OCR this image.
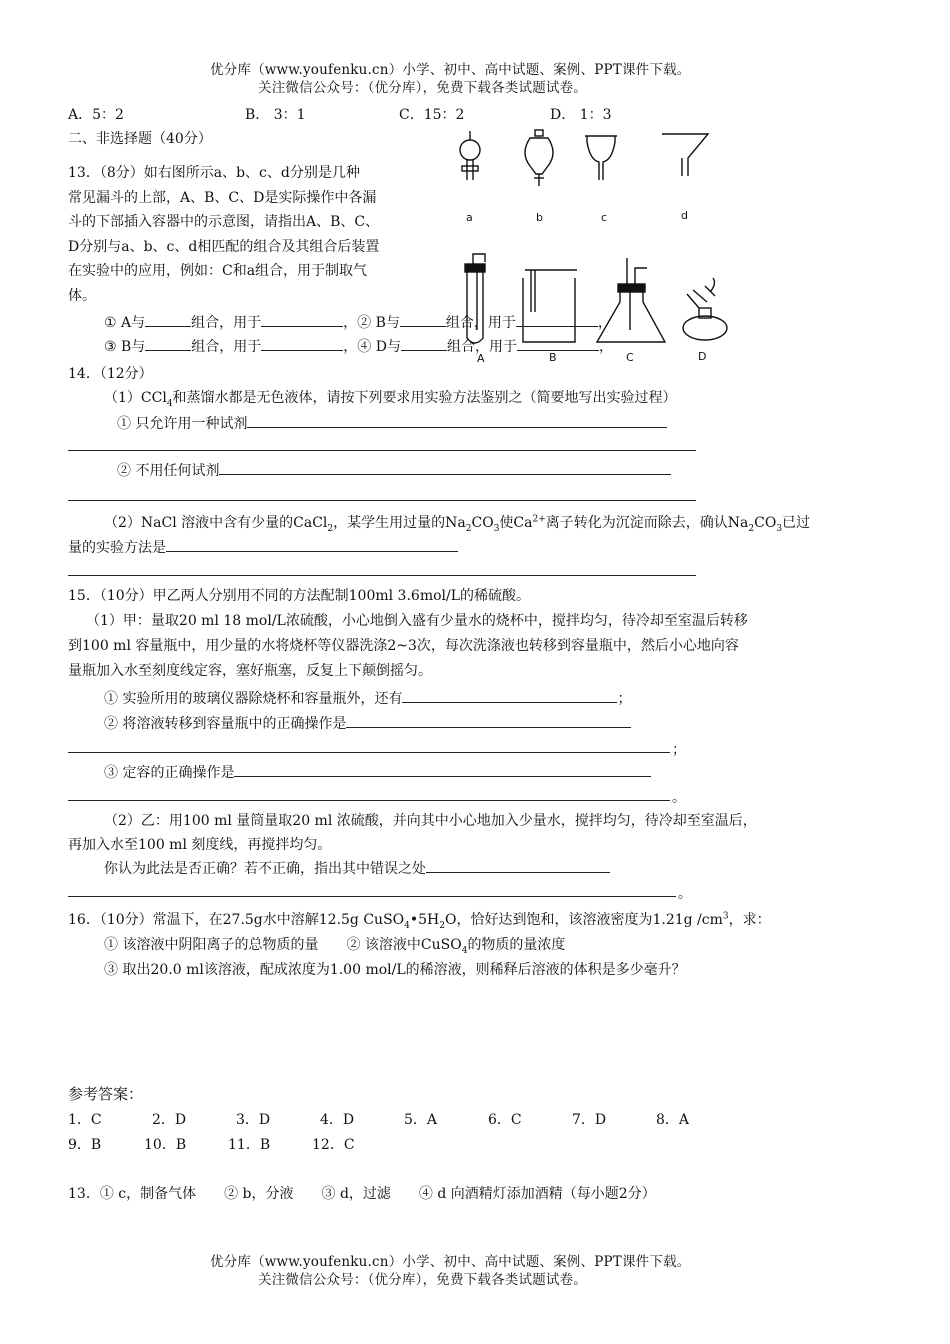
优分库（www.youfenku.cn）小学、初中、高中试题、案例、PPT课件下载。
关注微信公众号：（优分库），免费下载各类试题试卷。
A．5：2	B． 3：1	C．15：2	D． 1：3
二、非选择题（40分）
13．（8分）如右图所示a、b、c、d分别是几种
常见漏斗的上部，A、B、C、D是实际操作中各漏
斗的下部插入容器中的示意图，请指出A、B、C、
D分别与a、b、c、d相匹配的组合及其组合后装置
在实验中的应用，例如：C和a组合，用于制取气
体。
a	b	c	d
A	B	C	D
① A与	组合，用于	，② B与	组合，用于	，
③ B与	组合，用于	，④ D与	组合，用于	，
14．（12分）
（1）CCl$_4$和蒸馏水都是无色液体，请按下列要求用实验方法鉴别之（简要地写出实验过程）
① 只允许用一种试剂
② 不用任何试剂
（2）NaCl 溶液中含有少量的CaCl$_2$，某学生用过量的$Na_2CO_3$使$Ca^{2+}$离子转化为沉淀而除去，确认$Na_2CO_3$已过
量的实验方法是
15．（10分）甲乙两人分别用不同的方法配制100ml 3.6mol/L的稀硫酸。
（1）甲：量取20 ml 18 mol/L浓硫酸，小心地倒入盛有少量水的烧杯中，搅拌均匀，待冷却至室温后转移
到100 ml 容量瓶中，用少量的水将烧杯等仪器洗涤2~3次，每次洗涤液也转移到容量瓶中，然后小心地向容
量瓶加入水至刻度线定容，塞好瓶塞，反复上下颠倒摇匀。
① 实验所用的玻璃仪器除烧杯和容量瓶外，还有	；
② 将溶液转移到容量瓶中的正确操作是
；
③ 定容的正确操作是
。
（2）乙：用100 ml 量筒量取20 ml 浓硫酸，并向其中小心地加入少量水，搅拌均匀，待冷却至室温后，
再加入水至100 ml 刻度线，再搅拌均匀。
你认为此法是否正确？若不正确，指出其中错误之处
。
16．（10分）常温下，在27.5g水中溶解12.5g $CuSO_4•5H_2O$，恰好达到饱和，该溶液密度为1.21g $/cm^3$，求：
① 该溶液中阴阳离子的总物质的量　　② 该溶液中CuSO$_4$的物质的量浓度
③ 取出20.0 ml该溶液，配成浓度为1.00 mol/L的稀溶液，则稀释后溶液的体积是多少毫升？
参考答案：
1．C	2．D	3．D	4．D	5．A	6．C	7．D	8．A
9．B	10．B	11．B	12．C
13．① c，制备气体　　② b，分液　　③ d，过滤　　④ d 向酒精灯添加酒精（每小题2分）
优分库（www.youfenku.cn）小学、初中、高中试题、案例、PPT课件下载。
关注微信公众号：（优分库），免费下载各类试题试卷。
